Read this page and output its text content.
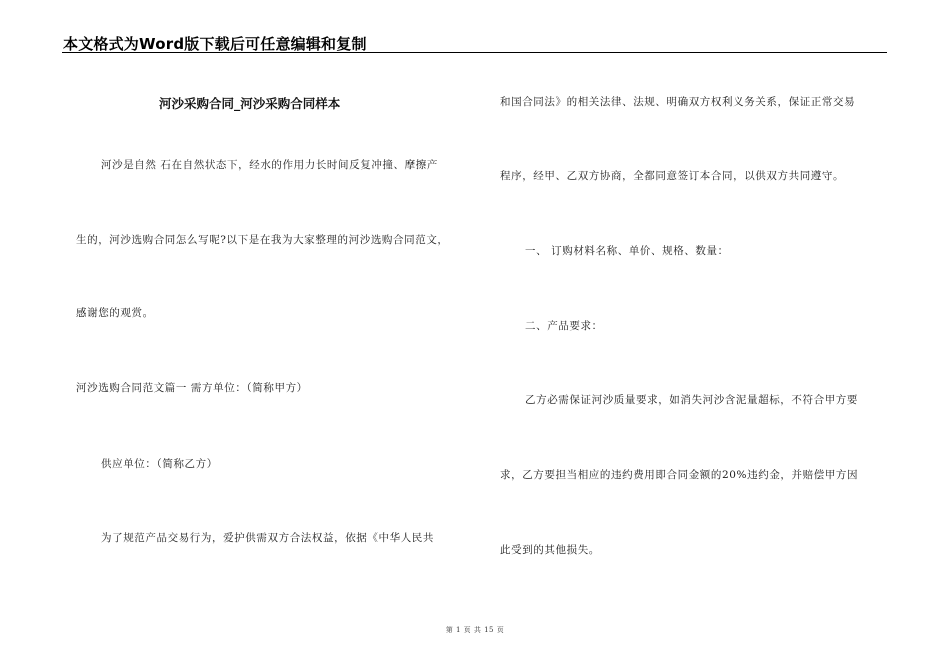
本文格式为Word版下载后可任意编辑和复制
河沙采购合同_河沙采购合同样本
河沙是自然 石在自然状态下，经水的作用力长时间反复冲撞、摩擦产
生的，河沙选购合同怎么写呢?以下是在我为大家整理的河沙选购合同范文，
感谢您的观赏。
河沙选购合同范文篇一 需方单位：（简称甲方）
供应单位：（简称乙方）
为了规范产品交易行为，爱护供需双方合法权益，依据《中华人民共
和国合同法》的相关法律、法规、明确双方权利义务关系，保证正常交易
程序，经甲、乙双方协商，全都同意签订本合同，以供双方共同遵守。
一、 订购材料名称、单价、规格、数量：
二、产品要求：
乙方必需保证河沙质量要求，如消失河沙含泥量超标，不符合甲方要
求，乙方要担当相应的违约费用即合同金额的20%违约金，并赔偿甲方因
此受到的其他损失。
第 1 页 共 15 页
